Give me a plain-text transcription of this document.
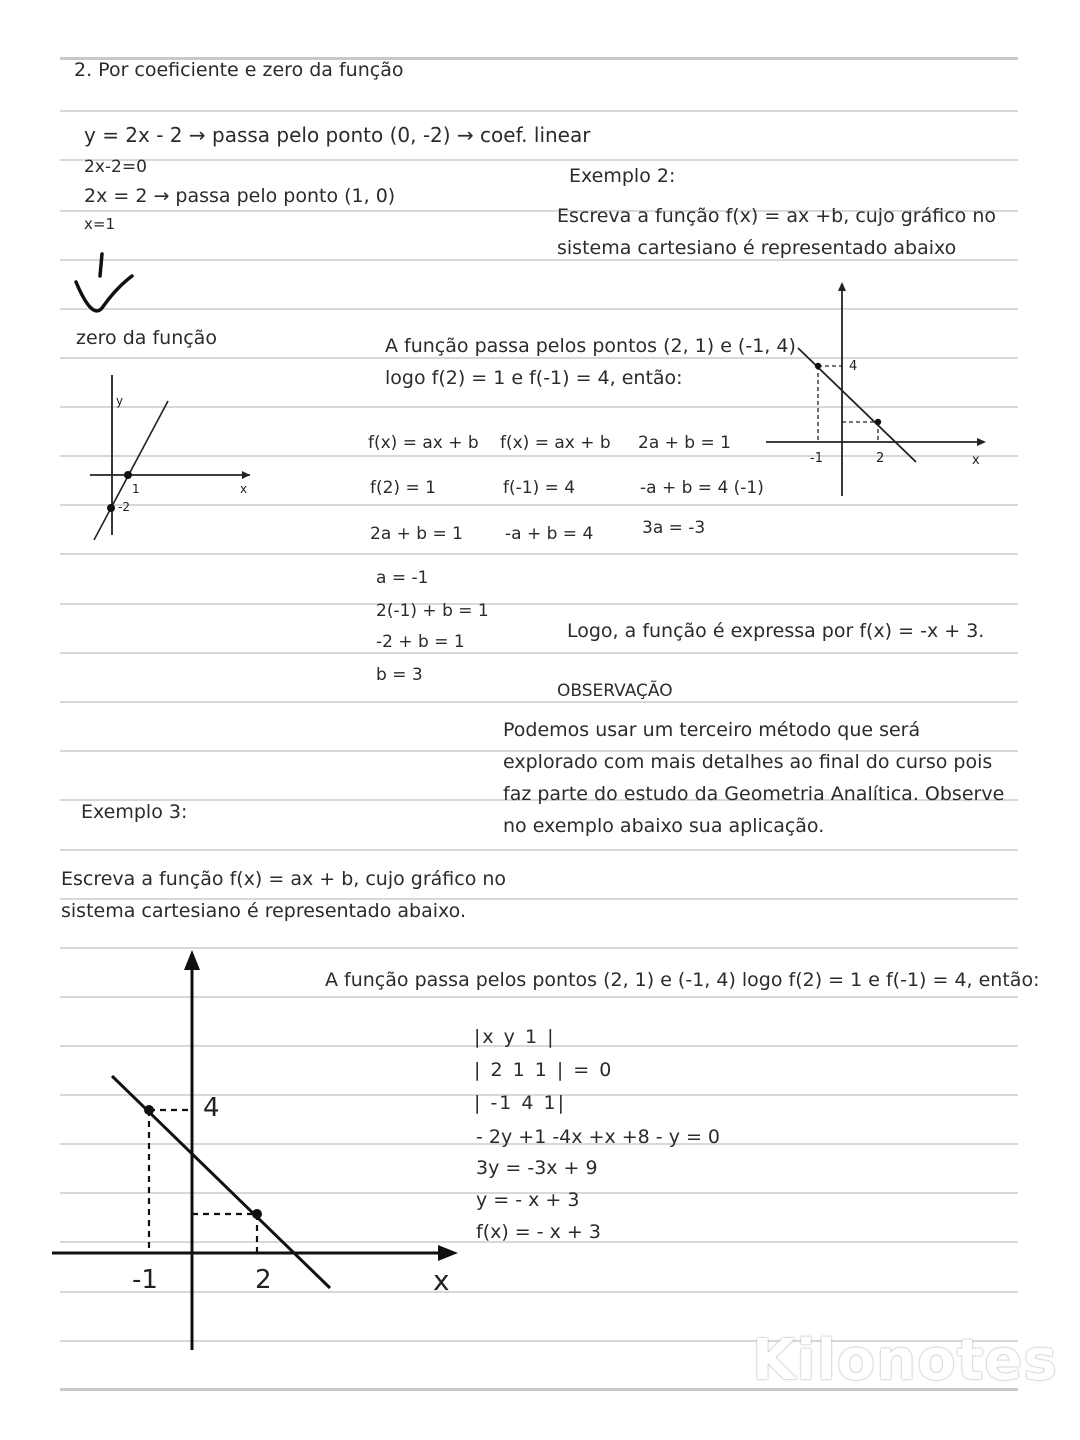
2. Por coeficiente e zero da função
y = 2x - 2 → passa pelo ponto (0, -2) → coef. linear
2x-2=0
2x = 2 → passa pelo ponto (1, 0)
x=1
zero da função
y
x
1
-2
Exemplo 2:
Escreva a função f(x) = ax +b, cujo gráfico no
sistema cartesiano é representado abaixo
A função passa pelos pontos (2, 1) e (-1, 4)
logo f(2) = 1 e f(-1) = 4, então:
f(x) = ax + b
f(2) = 1
2a + b = 1
f(x) = ax + b
f(-1) = 4
-a + b = 4
2a + b = 1
-a + b = 4 (-1)
3a = -3
a = -1
2(-1) + b = 1
-2 + b = 1
b = 3
Logo, a função é expressa por f(x) = -x + 3.
4
-1	2	x
OBSERVAÇÃO
Podemos usar um terceiro método que será
explorado com mais detalhes ao final do curso pois
faz parte do estudo da Geometria Analítica. Observe
no exemplo abaixo sua aplicação.
Exemplo 3:
Escreva a função f(x) = ax + b, cujo gráfico no
sistema cartesiano é representado abaixo.
A função passa pelos pontos (2, 1) e (-1, 4) logo f(2) = 1 e f(-1) = 4, então:
|x y 1 |
| 2 1 1 | = 0
| -1 4 1|
- 2y +1 -4x +x +8 - y = 0
3y = -3x + 9
y = - x + 3
f(x) = - x + 3
4
-1	2	x
Kilonotes
